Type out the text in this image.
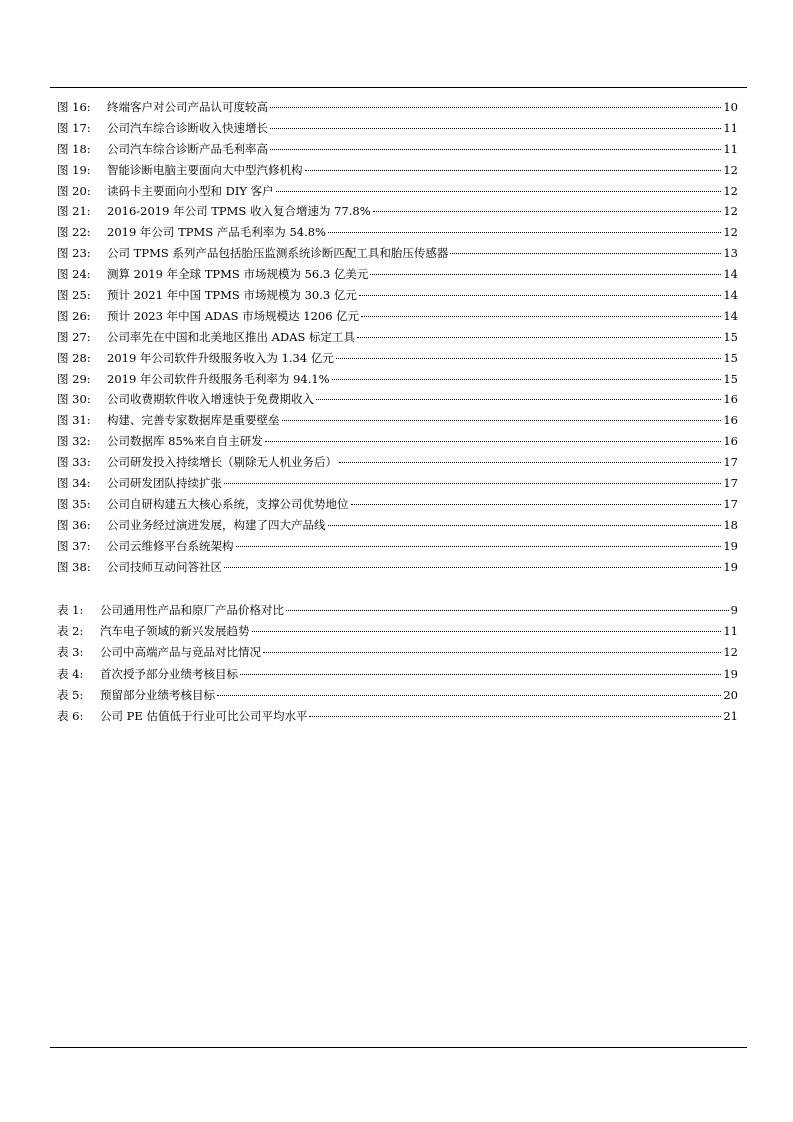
图 16:	终端客户对公司产品认可度较高	10
图 17:	公司汽车综合诊断收入快速增长	11
图 18:	公司汽车综合诊断产品毛利率高	11
图 19:	智能诊断电脑主要面向大中型汽修机构	12
图 20:	读码卡主要面向小型和 DIY 客户	12
图 21:	2016-2019 年公司 TPMS 收入复合增速为 77.8%	12
图 22:	2019 年公司 TPMS 产品毛利率为 54.8%	12
图 23:	公司 TPMS 系列产品包括胎压监测系统诊断匹配工具和胎压传感器	13
图 24:	测算 2019 年全球 TPMS 市场规模为 56.3 亿美元	14
图 25:	预计 2021 年中国 TPMS 市场规模为 30.3 亿元	14
图 26:	预计 2023 年中国 ADAS 市场规模达 1206 亿元	14
图 27:	公司率先在中国和北美地区推出 ADAS 标定工具	15
图 28:	2019 年公司软件升级服务收入为 1.34 亿元	15
图 29:	2019 年公司软件升级服务毛利率为 94.1%	15
图 30:	公司收费期软件收入增速快于免费期收入	16
图 31:	构建、完善专家数据库是重要壁垒	16
图 32:	公司数据库 85%来自自主研发	16
图 33:	公司研发投入持续增长（剔除无人机业务后）	17
图 34:	公司研发团队持续扩张	17
图 35:	公司自研构建五大核心系统，支撑公司优势地位	17
图 36:	公司业务经过演进发展，构建了四大产品线	18
图 37:	公司云维修平台系统架构	19
图 38:	公司技师互动问答社区	19
表 1:	公司通用性产品和原厂产品价格对比	9
表 2:	汽车电子领域的新兴发展趋势	11
表 3:	公司中高端产品与竞品对比情况	12
表 4:	首次授予部分业绩考核目标	19
表 5:	预留部分业绩考核目标	20
表 6:	公司 PE 估值低于行业可比公司平均水平	21
